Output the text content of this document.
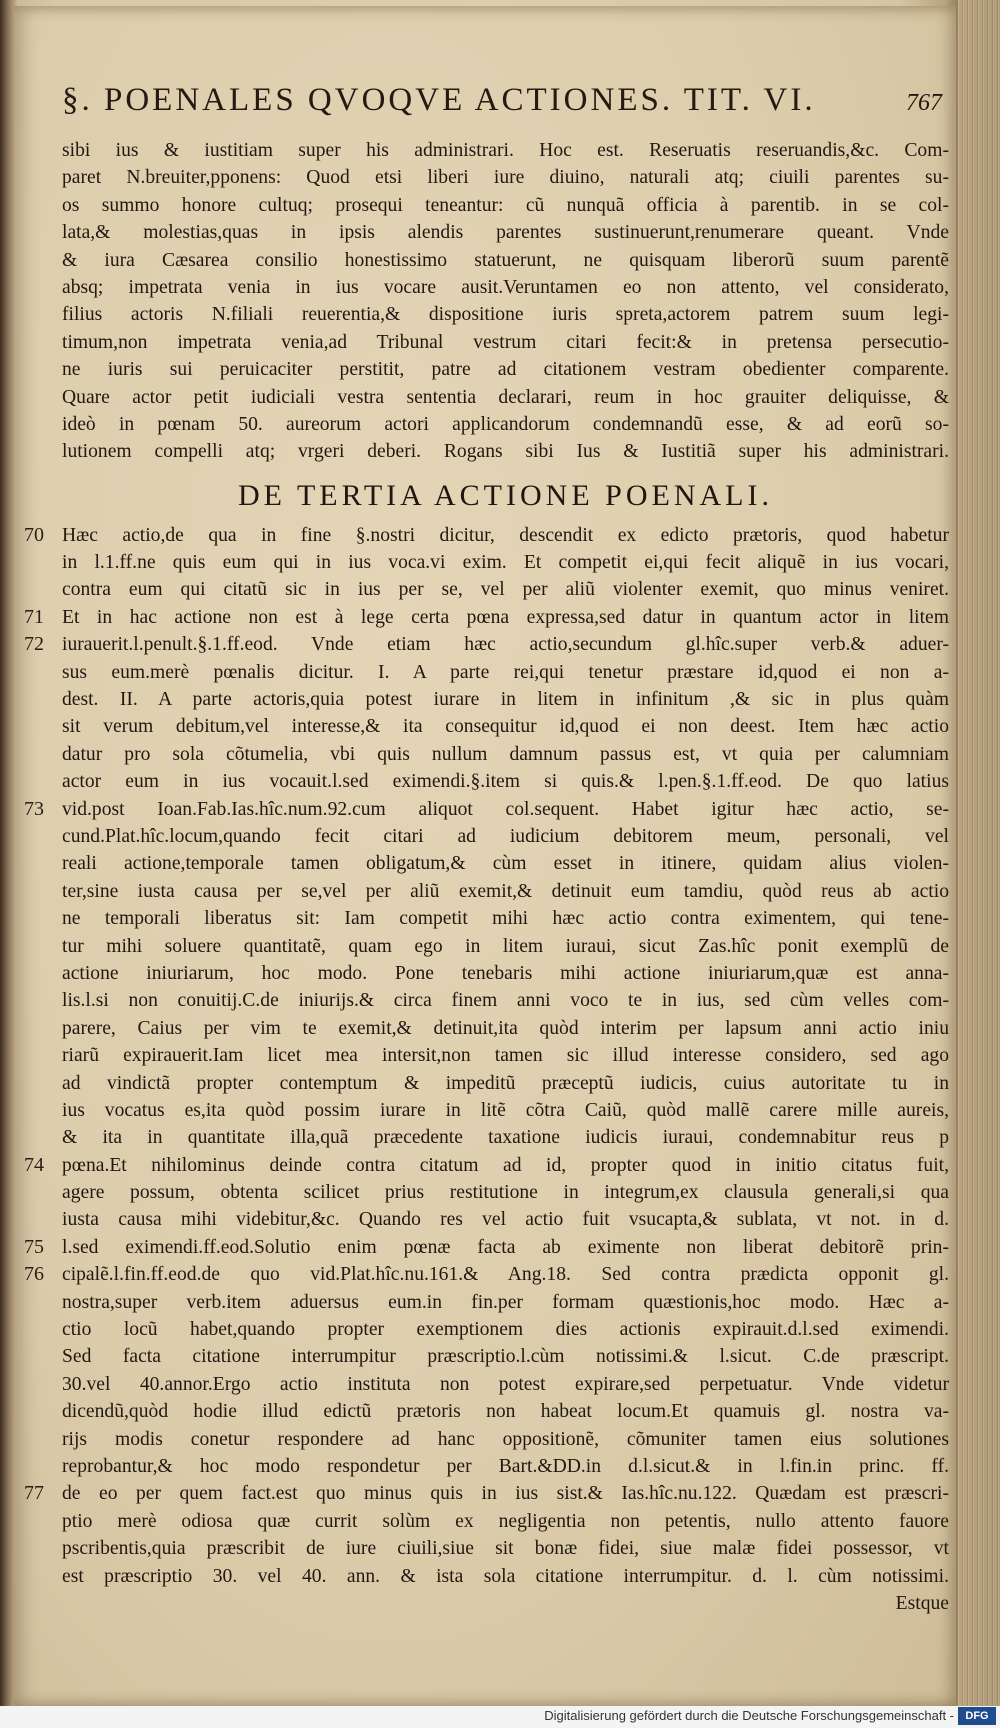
§. POENALES QVOQVE ACTIONES. TIT. VI.	767
sibi ius & iustitiam super his administrari. Hoc est. Reseruatis reseruandis,&c. Com-
paret N.breuiter,pponens: Quod etsi liberi iure diuino, naturali atq; ciuili parentes su-
os summo honore cultuq; prosequi teneantur: cũ nunquã officia à parentib. in se col-
lata,& molestias,quas in ipsis alendis parentes sustinuerunt,renumerare queant. Vnde
& iura Cæsarea consilio honestissimo statuerunt, ne quisquam liberorũ suum parentẽ
absq; impetrata venia in ius vocare ausit.Veruntamen eo non attento, vel considerato,
filius actoris N.filiali reuerentia,& dispositione iuris spreta,actorem patrem suum legi-
timum,non impetrata venia,ad Tribunal vestrum citari fecit:& in pretensa persecutio-
ne iuris sui peruicaciter perstitit, patre ad citationem vestram obedienter comparente.
Quare actor petit iudiciali vestra sententia declarari, reum in hoc grauiter deliquisse, &
ideò in pœnam 50. aureorum actori applicandorum condemnandũ esse, & ad eorũ so-
lutionem compelli atq; vrgeri deberi. Rogans sibi Ius & Iustitiã super his administrari.
DE TERTIA ACTIONE POENALI.
70 Hæc actio,de qua in fine §.nostri dicitur, descendit ex edicto prætoris, quod habetur
in l.1.ff.ne quis eum qui in ius voca.vi exim. Et competit ei,qui fecit aliquẽ in ius vocari,
contra eum qui citatũ sic in ius per se, vel per aliũ violenter exemit, quo minus veniret.
71 Et in hac actione non est à lege certa pœna expressa,sed datur in quantum actor in litem
72 iurauerit.l.penult.§.1.ff.eod. Vnde etiam hæc actio,secundum gl.hîc.super verb.& aduer-
sus eum.merè pœnalis dicitur. I. A parte rei,qui tenetur præstare id,quod ei non a-
dest. II. A parte actoris,quia potest iurare in litem in infinitum ,& sic in plus quàm
sit verum debitum,vel interesse,& ita consequitur id,quod ei non deest. Item hæc actio
datur pro sola cõtumelia, vbi quis nullum damnum passus est, vt quia per calumniam
actor eum in ius vocauit.l.sed eximendi.§.item si quis.& l.pen.§.1.ff.eod. De quo latius
73 vid.post Ioan.Fab.Ias.hîc.num.92.cum aliquot col.sequent. Habet igitur hæc actio, se-
cund.Plat.hîc.locum,quando fecit citari ad iudicium debitorem meum, personali, vel
reali actione,temporale tamen obligatum,& cùm esset in itinere, quidam alius violen-
ter,sine iusta causa per se,vel per aliũ exemit,& detinuit eum tamdiu, quòd reus ab actio
ne temporali liberatus sit: Iam competit mihi hæc actio contra eximentem, qui tene-
tur mihi soluere quantitatẽ, quam ego in litem iuraui, sicut Zas.hîc ponit exemplũ de
actione iniuriarum, hoc modo. Pone tenebaris mihi actione iniuriarum,quæ est anna-
lis.l.si non conuitij.C.de iniurijs.& circa finem anni voco te in ius, sed cùm velles com-
parere, Caius per vim te exemit,& detinuit,ita quòd interim per lapsum anni actio iniu
riarũ expirauerit.Iam licet mea intersit,non tamen sic illud interesse considero, sed ago
ad vindictã propter contemptum & impeditũ præceptũ iudicis, cuius autoritate tu in
ius vocatus es,ita quòd possim iurare in litẽ cõtra Caiũ, quòd mallẽ carere mille aureis,
& ita in quantitate illa,quã præcedente taxatione iudicis iuraui, condemnabitur reus p
74 pœna.Et nihilominus deinde contra citatum ad id, propter quod in initio citatus fuit,
agere possum, obtenta scilicet prius restitutione in integrum,ex clausula generali,si qua
iusta causa mihi videbitur,&c. Quando res vel actio fuit vsucapta,& sublata, vt not. in d.
75 l.sed eximendi.ff.eod.Solutio enim pœnæ facta ab eximente non liberat debitorẽ prin-
76 cipalẽ.l.fin.ff.eod.de quo vid.Plat.hîc.nu.161.& Ang.18. Sed contra prædicta opponit gl.
nostra,super verb.item aduersus eum.in fin.per formam quæstionis,hoc modo. Hæc a-
ctio locũ habet,quando propter exemptionem dies actionis expirauit.d.l.sed eximendi.
Sed facta citatione interrumpitur præscriptio.l.cùm notissimi.& l.sicut. C.de præscript.
30.vel 40.annor.Ergo actio instituta non potest expirare,sed perpetuatur. Vnde videtur
dicendũ,quòd hodie illud edictũ prætoris non habeat locum.Et quamuis gl. nostra va-
rijs modis conetur respondere ad hanc oppositionẽ, cõmuniter tamen eius solutiones
reprobantur,& hoc modo respondetur per Bart.&DD.in d.l.sicut.& in l.fin.in princ. ff.
77 de eo per quem fact.est quo minus quis in ius sist.& Ias.hîc.nu.122. Quædam est præscri-
ptio merè odiosa quæ currit solùm ex negligentia non petentis, nullo attento fauore
pscribentis,quia præscribit de iure ciuili,siue sit bonæ fidei, siue malæ fidei possessor, vt
est præscriptio 30. vel 40. ann. & ista sola citatione interrumpitur. d. l. cùm notissimi.
Estque
Digitalisierung gefördert durch die Deutsche Forschungsgemeinschaft -	DFG
